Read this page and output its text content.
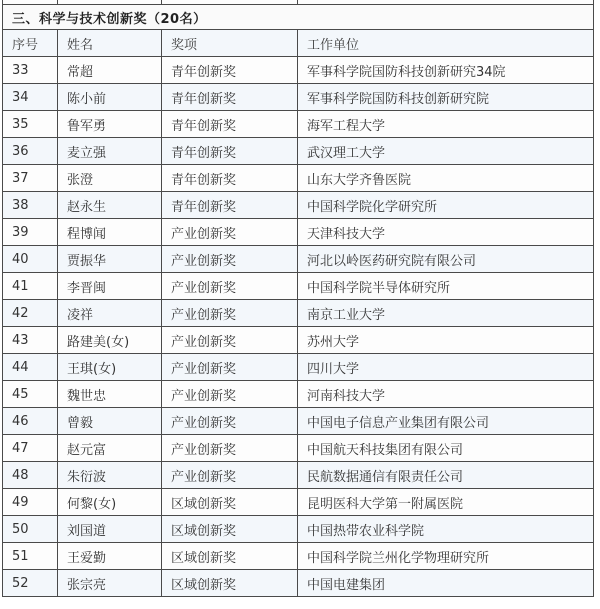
三、科学与技术创新奖（20名）			
序号	姓名	奖项	工作单位
33	常超	青年创新奖	军事科学院国防科技创新研究34院
34	陈小前	青年创新奖	军事科学院国防科技创新研究院
35	鲁军勇	青年创新奖	海军工程大学
36	麦立强	青年创新奖	武汉理工大学
37	张澄	青年创新奖	山东大学齐鲁医院
38	赵永生	青年创新奖	中国科学院化学研究所
39	程博闻	产业创新奖	天津科技大学
40	贾振华	产业创新奖	河北以岭医药研究院有限公司
41	李晋闽	产业创新奖	中国科学院半导体研究所
42	凌祥	产业创新奖	南京工业大学
43	路建美(女)	产业创新奖	苏州大学
44	王琪(女)	产业创新奖	四川大学
45	魏世忠	产业创新奖	河南科技大学
46	曾毅	产业创新奖	中国电子信息产业集团有限公司
47	赵元富	产业创新奖	中国航天科技集团有限公司
48	朱衍波	产业创新奖	民航数据通信有限责任公司
49	何黎(女)	区域创新奖	昆明医科大学第一附属医院
50	刘国道	区域创新奖	中国热带农业科学院
51	王爱勤	区域创新奖	中国科学院兰州化学物理研究所
52	张宗亮	区域创新奖	中国电建集团
